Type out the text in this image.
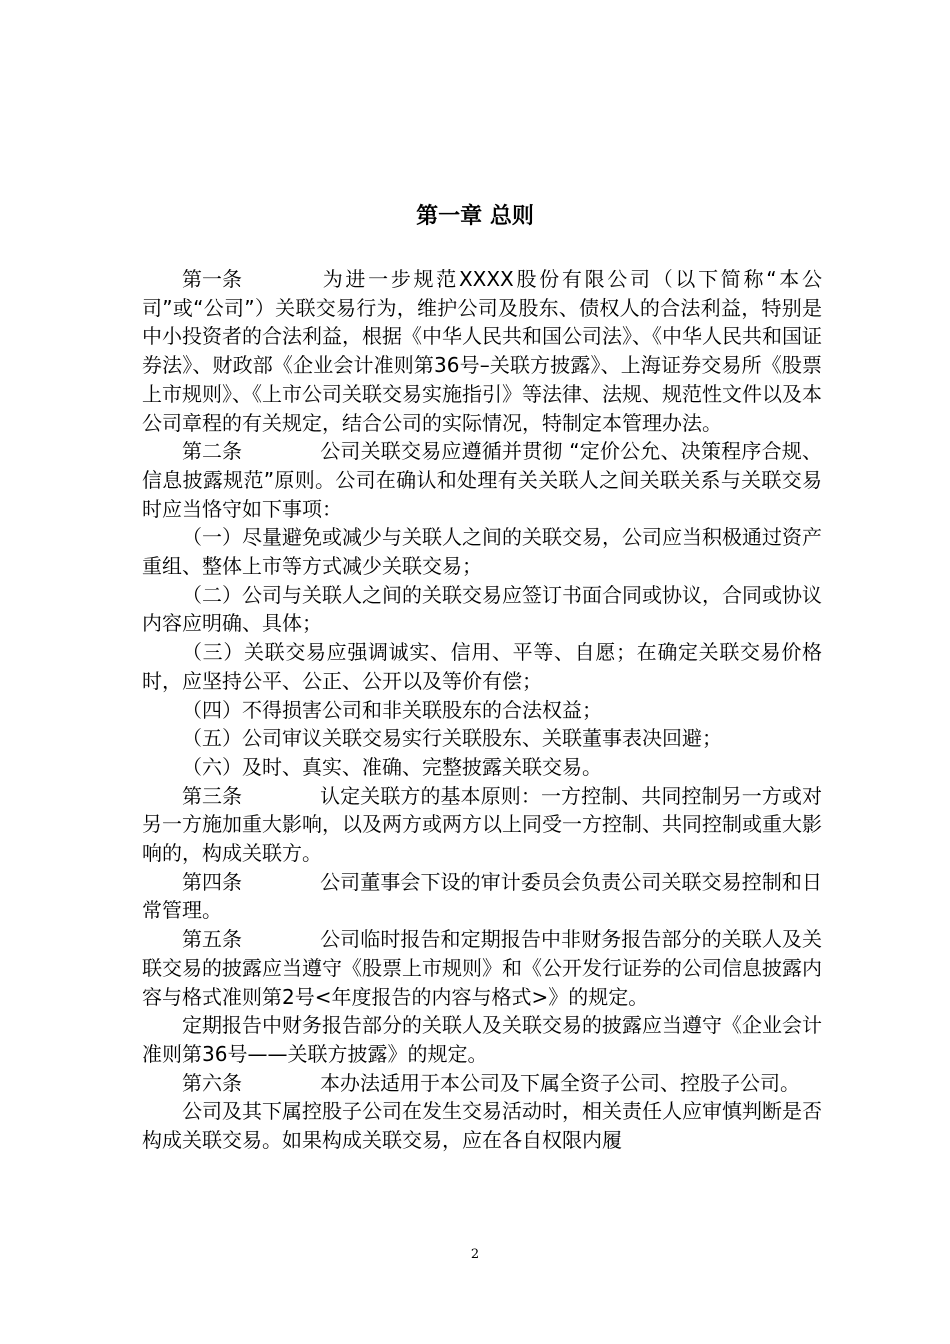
第一章 总则

第一条	为进一步规范XXXX股份有限公司（以下简称“本公司”或“公司”）关联交易行为，维护公司及股东、债权人的合法利益，特别是中小投资者的合法利益，根据《中华人民共和国公司法》、《中华人民共和国证券法》、财政部《企业会计准则第36号–关联方披露》、上海证券交易所《股票上市规则》、《上市公司关联交易实施指引》等法律、法规、规范性文件以及本公司章程的有关规定，结合公司的实际情况，特制定本管理办法。

第二条	公司关联交易应遵循并贯彻 “定价公允、决策程序合规、信息披露规范”原则。公司在确认和处理有关关联人之间关联关系与关联交易时应当恪守如下事项：

（一）尽量避免或减少与关联人之间的关联交易，公司应当积极通过资产重组、整体上市等方式减少关联交易；

（二）公司与关联人之间的关联交易应签订书面合同或协议，合同或协议内容应明确、具体；

（三）关联交易应强调诚实、信用、平等、自愿；在确定关联交易价格时，应坚持公平、公正、公开以及等价有偿；

（四）不得损害公司和非关联股东的合法权益；

（五）公司审议关联交易实行关联股东、关联董事表决回避；

（六）及时、真实、准确、完整披露关联交易。

第三条	认定关联方的基本原则：一方控制、共同控制另一方或对另一方施加重大影响，以及两方或两方以上同受一方控制、共同控制或重大影响的，构成关联方。

第四条	公司董事会下设的审计委员会负责公司关联交易控制和日常管理。

第五条	公司临时报告和定期报告中非财务报告部分的关联人及关联交易的披露应当遵守《股票上市规则》和《公开发行证券的公司信息披露内容与格式准则第2号<年度报告的内容与格式>》的规定。

定期报告中财务报告部分的关联人及关联交易的披露应当遵守《企业会计准则第36号——关联方披露》的规定。

第六条	本办法适用于本公司及下属全资子公司、控股子公司。

公司及其下属控股子公司在发生交易活动时，相关责任人应审慎判断是否构成关联交易。如果构成关联交易，应在各自权限内履

2
